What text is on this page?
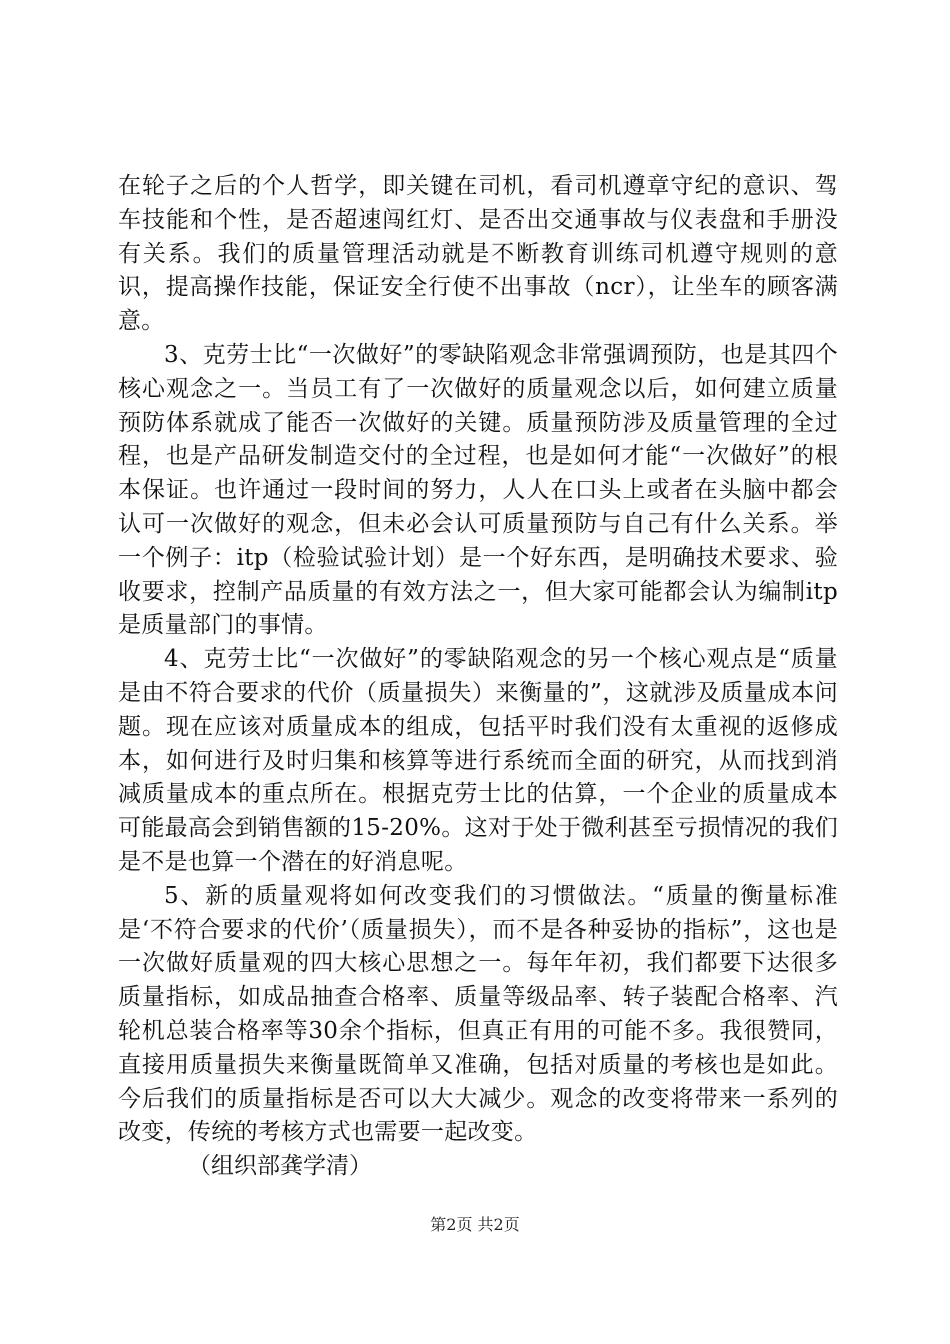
在轮子之后的个人哲学，即关键在司机，看司机遵章守纪的意识、驾车技能和个性，是否超速闯红灯、是否出交通事故与仪表盘和手册没有关系。我们的质量管理活动就是不断教育训练司机遵守规则的意识，提高操作技能，保证安全行使不出事故（ncr），让坐车的顾客满意。

3、克劳士比“一次做好”的零缺陷观念非常强调预防，也是其四个核心观念之一。当员工有了一次做好的质量观念以后，如何建立质量预防体系就成了能否一次做好的关键。质量预防涉及质量管理的全过程，也是产品研发制造交付的全过程，也是如何才能“一次做好”的根本保证。也许通过一段时间的努力，人人在口头上或者在头脑中都会认可一次做好的观念，但未必会认可质量预防与自己有什么关系。举一个例子：itp（检验试验计划）是一个好东西，是明确技术要求、验收要求，控制产品质量的有效方法之一，但大家可能都会认为编制itp是质量部门的事情。

4、克劳士比“一次做好”的零缺陷观念的另一个核心观点是“质量是由不符合要求的代价（质量损失）来衡量的”，这就涉及质量成本问题。现在应该对质量成本的组成，包括平时我们没有太重视的返修成本，如何进行及时归集和核算等进行系统而全面的研究，从而找到消减质量成本的重点所在。根据克劳士比的估算，一个企业的质量成本可能最高会到销售额的15-20%。这对于处于微利甚至亏损情况的我们是不是也算一个潜在的好消息呢。

5、新的质量观将如何改变我们的习惯做法。“质量的衡量标准是‘不符合要求的代价’（质量损失），而不是各种妥协的指标”，这也是一次做好质量观的四大核心思想之一。每年年初，我们都要下达很多质量指标，如成品抽查合格率、质量等级品率、转子装配合格率、汽轮机总装合格率等30余个指标，但真正有用的可能不多。我很赞同，直接用质量损失来衡量既简单又准确，包括对质量的考核也是如此。今后我们的质量指标是否可以大大减少。观念的改变将带来一系列的改变，传统的考核方式也需要一起改变。

（组织部龚学清）

第2页 共2页
